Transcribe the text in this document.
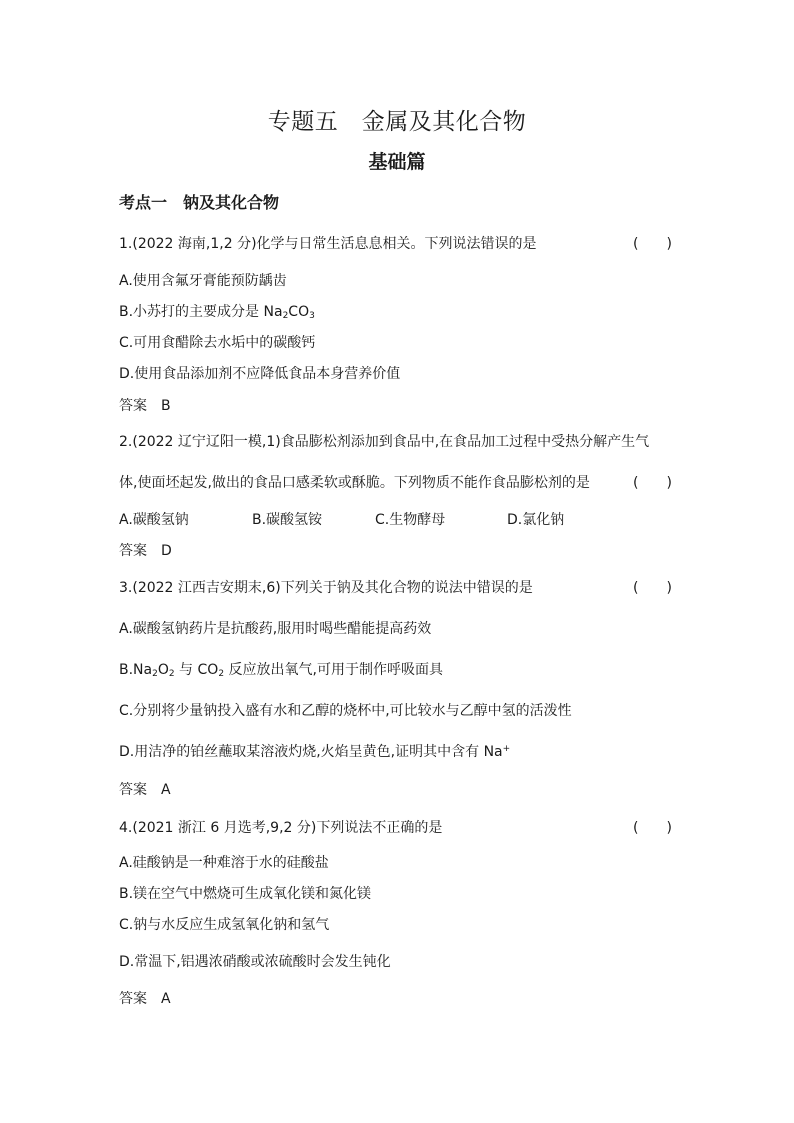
专题五　金属及其化合物
基础篇
考点一　钠及其化合物
1.(2022 海南,1,2 分)化学与日常生活息息相关。下列说法错误的是	(　　)
A.使用含氟牙膏能预防龋齿
B.小苏打的主要成分是 $Na_2CO_3$
C.可用食醋除去水垢中的碳酸钙
D.使用食品添加剂不应降低食品本身营养价值
答案　B
2.(2022 辽宁辽阳一模,1)食品膨松剂添加到食品中,在食品加工过程中受热分解产生气
体,使面坯起发,做出的食品口感柔软或酥脆。下列物质不能作食品膨松剂的是	(　　)
A.碳酸氢钠	B.碳酸氢铵	C.生物酵母	D.氯化钠
答案　D
3.(2022 江西吉安期末,6)下列关于钠及其化合物的说法中错误的是	(　　)
A.碳酸氢钠药片是抗酸药,服用时喝些醋能提高药效
$B.Na_2O_2$ 与 $CO_2$ 反应放出氧气,可用于制作呼吸面具
C.分别将少量钠投入盛有水和乙醇的烧杯中,可比较水与乙醇中氢的活泼性
D.用洁净的铂丝蘸取某溶液灼烧,火焰呈黄色,证明其中含有 Na+
答案　A
4.(2021 浙江 6 月选考,9,2 分)下列说法不正确的是	(　　)
A.硅酸钠是一种难溶于水的硅酸盐
B.镁在空气中燃烧可生成氧化镁和氮化镁
C.钠与水反应生成氢氧化钠和氢气
D.常温下,铝遇浓硝酸或浓硫酸时会发生钝化
答案　A
